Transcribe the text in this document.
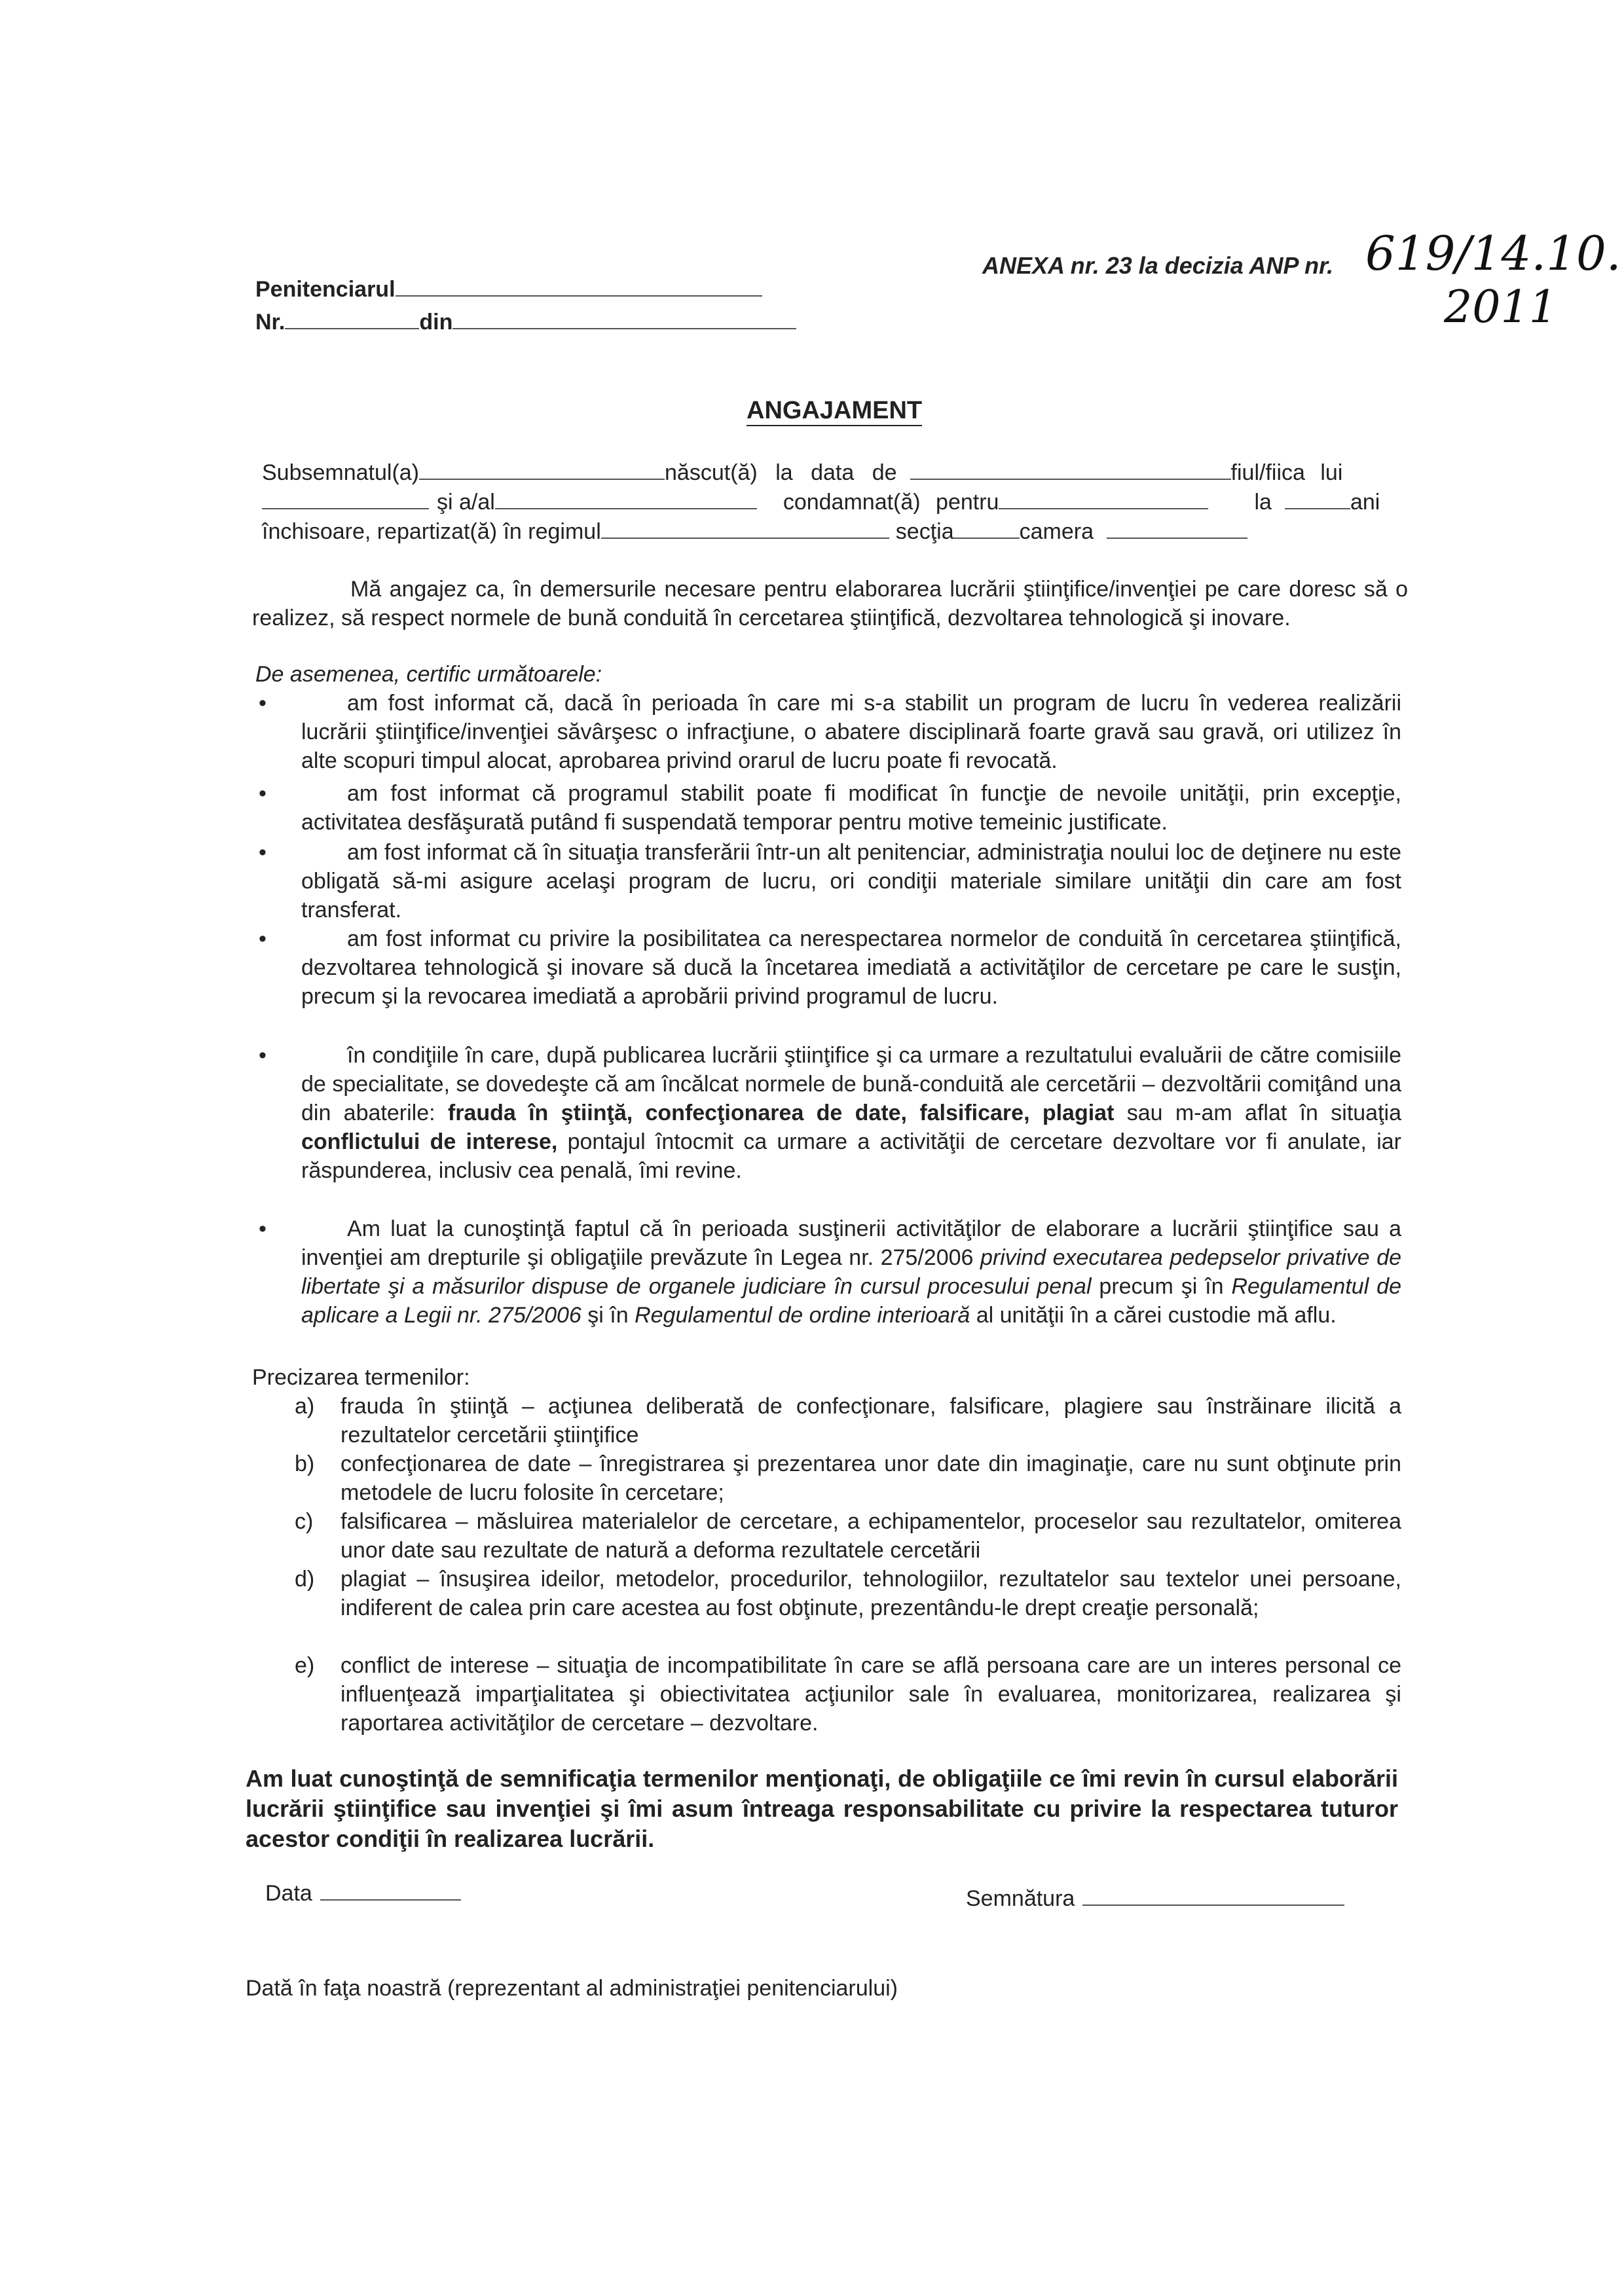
Penitenciarul
Nr.	din
ANEXA nr. 23 la decizia ANP nr. 619/14.10.
2011
ANGAJAMENT
Subsemnatul(a)	născut(ă) la data de	fiul/fiica lui
şi a/al	condamnat(ă) pentru	la	ani
închisoare, repartizat(ă) în regimul	secţia	camera
Mă angajez ca, în demersurile necesare pentru elaborarea lucrării ştiinţifice/invenţiei pe care doresc să o realizez, să respect normele de bună conduită în cercetarea ştiinţifică, dezvoltarea tehnologică şi inovare.
De asemenea, certific următoarele:
•	am fost informat că, dacă în perioada în care mi s-a stabilit un program de lucru în vederea realizării lucrării ştiinţifice/invenţiei săvârşesc o infracţiune, o abatere disciplinară foarte gravă sau gravă, ori utilizez în alte scopuri timpul alocat, aprobarea privind orarul de lucru poate fi revocată.
•	am fost informat că programul stabilit poate fi modificat în funcţie de nevoile unităţii, prin excepţie, activitatea desfăşurată putând fi suspendată temporar pentru motive temeinic justificate.
•	am fost informat că în situaţia transferării într-un alt penitenciar, administraţia noului loc de deţinere nu este obligată să-mi asigure acelaşi program de lucru, ori condiţii materiale similare unităţii din care am fost transferat.
•	am fost informat cu privire la posibilitatea ca nerespectarea normelor de conduită în cercetarea ştiinţifică, dezvoltarea tehnologică şi inovare să ducă la încetarea imediată a activităţilor de cercetare pe care le susţin, precum şi la revocarea imediată a aprobării privind programul de lucru.
•	în condiţiile în care, după publicarea lucrării ştiinţifice şi ca urmare a rezultatului evaluării de către comisiile de specialitate, se dovedeşte că am încălcat normele de bună-conduită ale cercetării – dezvoltării comiţând una din abaterile: frauda în ştiinţă, confecţionarea de date, falsificare, plagiat sau m-am aflat în situaţia conflictului de interese, pontajul întocmit ca urmare a activităţii de cercetare dezvoltare vor fi anulate, iar răspunderea, inclusiv cea penală, îmi revine.
•	Am luat la cunoştinţă faptul că în perioada susţinerii activităţilor de elaborare a lucrării ştiinţifice sau a invenţiei am drepturile şi obligaţiile prevăzute în Legea nr. 275/2006 privind executarea pedepselor privative de libertate şi a măsurilor dispuse de organele judiciare în cursul procesului penal precum şi în Regulamentul de aplicare a Legii nr. 275/2006 şi în Regulamentul de ordine interioară al unităţii în a cărei custodie mă aflu.
Precizarea termenilor:
a) frauda în ştiinţă – acţiunea deliberată de confecţionare, falsificare, plagiere sau înstrăinare ilicită a rezultatelor cercetării ştiinţifice
b) confecţionarea de date – înregistrarea şi prezentarea unor date din imaginaţie, care nu sunt obţinute prin metodele de lucru folosite în cercetare;
c) falsificarea – măsluirea materialelor de cercetare, a echipamentelor, proceselor sau rezultatelor, omiterea unor date sau rezultate de natură a deforma rezultatele cercetării
d) plagiat – însuşirea ideilor, metodelor, procedurilor, tehnologiilor, rezultatelor sau textelor unei persoane, indiferent de calea prin care acestea au fost obţinute, prezentându-le drept creaţie personală;
e) conflict de interese – situaţia de incompatibilitate în care se află persoana care are un interes personal ce influenţează imparţialitatea şi obiectivitatea acţiunilor sale în evaluarea, monitorizarea, realizarea şi raportarea activităţilor de cercetare – dezvoltare.
Am luat cunoştinţă de semnificaţia termenilor menţionaţi, de obligaţiile ce îmi revin în cursul elaborării lucrării ştiinţifice sau invenţiei şi îmi asum întreaga responsabilitate cu privire la respectarea tuturor acestor condiţii în realizarea lucrării.
Data	Semnătura
Dată în faţa noastră (reprezentant al administraţiei penitenciarului)
